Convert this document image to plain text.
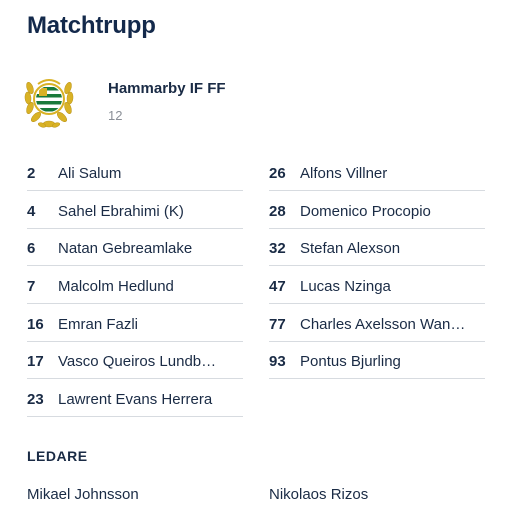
Matchtrupp
Hammarby IF FF
12
2 Ali Salum
4 Sahel Ebrahimi (K)
6 Natan Gebreamlake
7 Malcolm Hedlund
16 Emran Fazli
17 Vasco Queiros Lundb…
23 Lawrent Evans Herrera
26 Alfons Villner
28 Domenico Procopio
32 Stefan Alexson
47 Lucas Nzinga
77 Charles Axelsson Wan…
93 Pontus Bjurling
LEDARE
Mikael Johnsson	Nikolaos Rizos
